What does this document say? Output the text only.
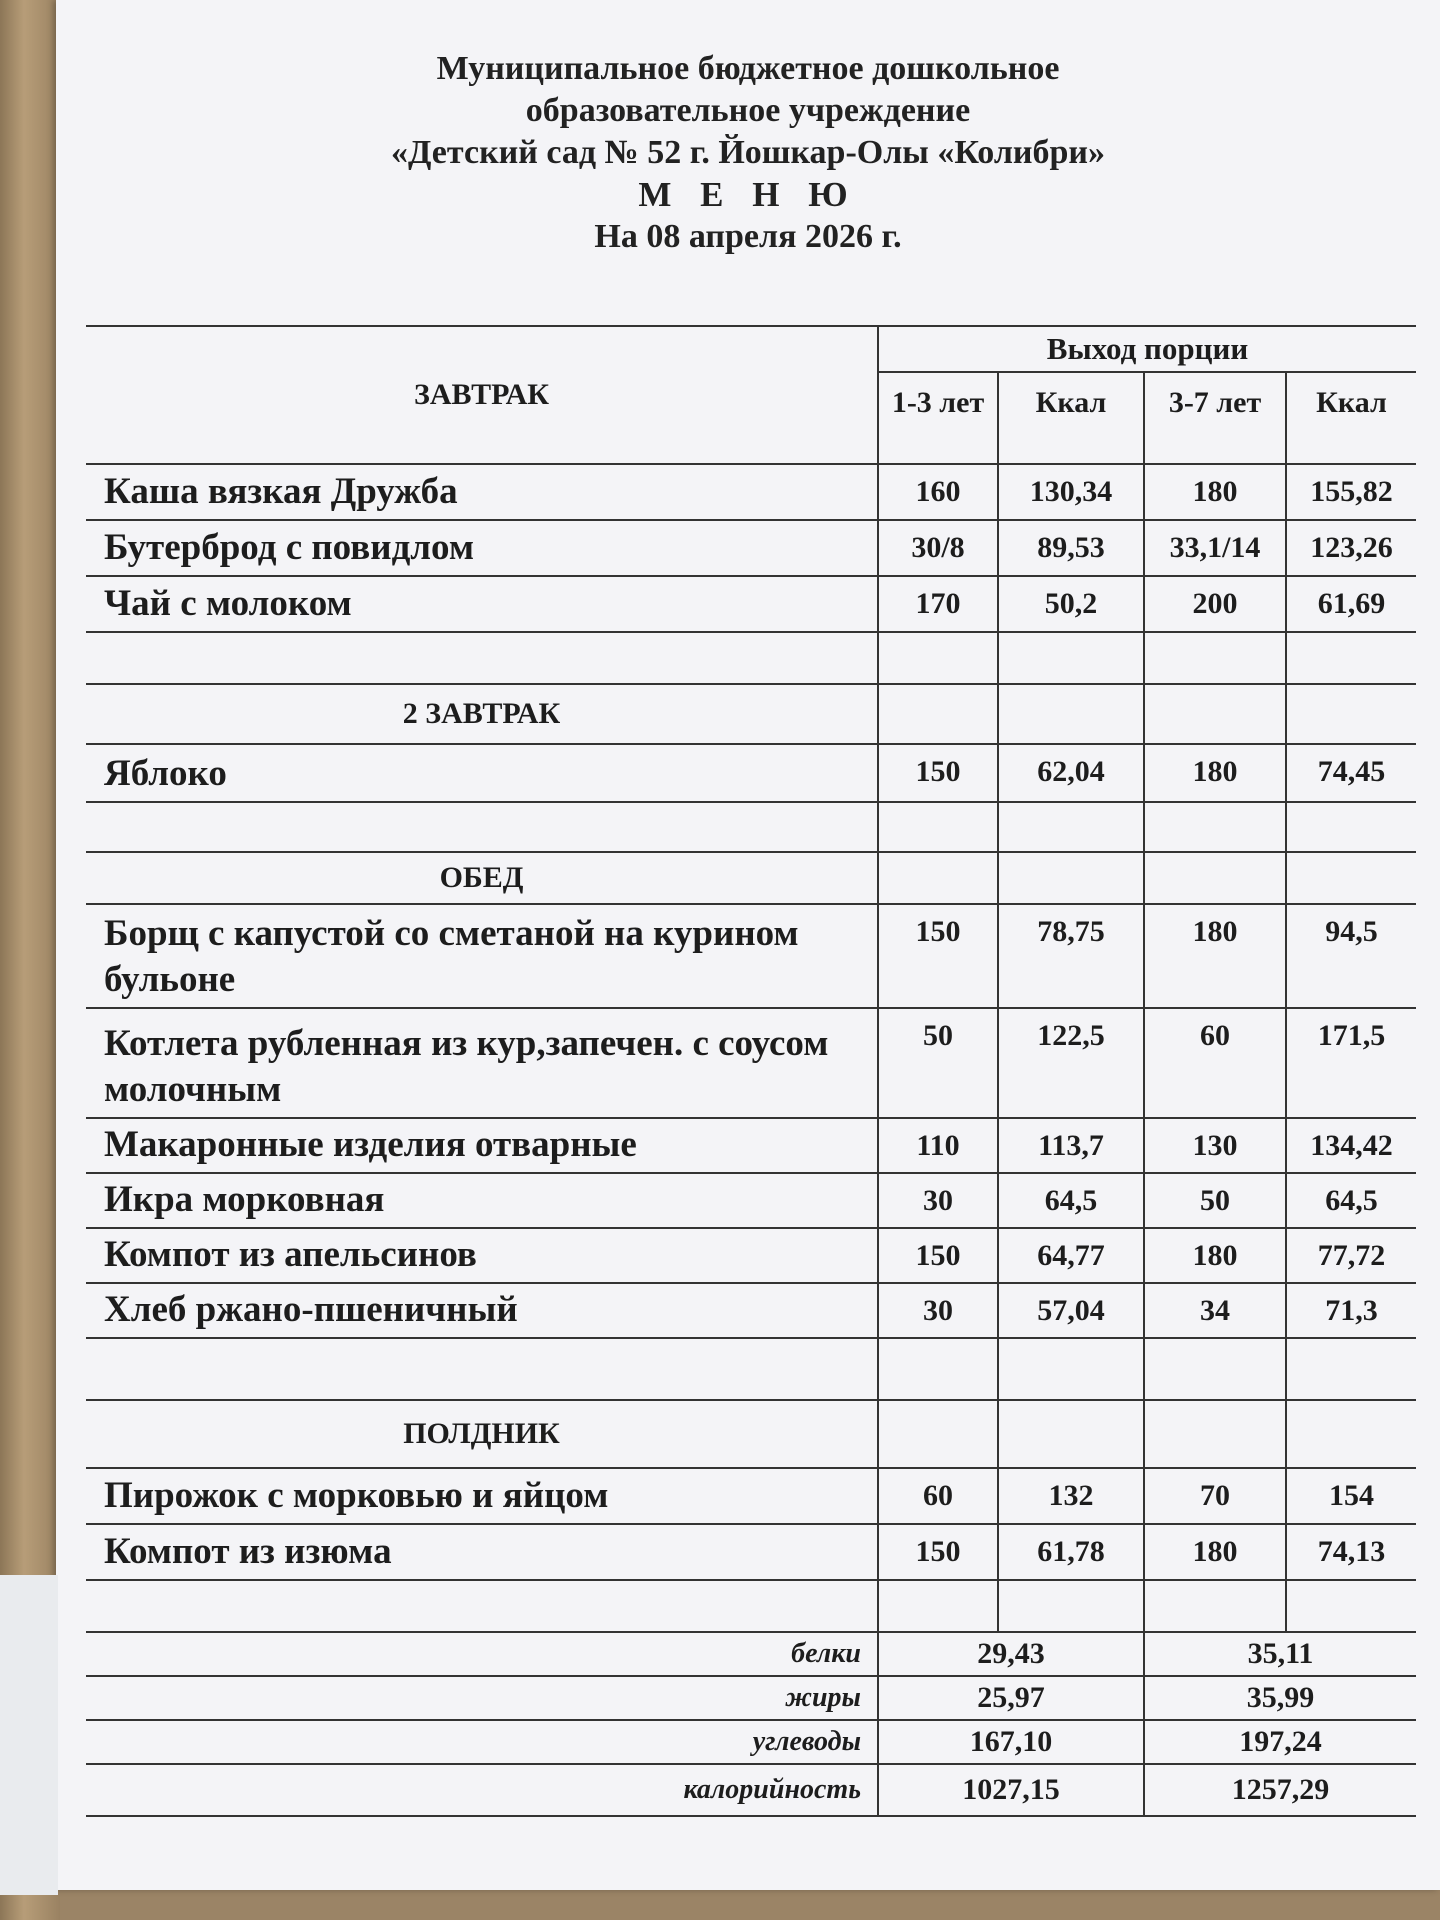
Муниципальное бюджетное дошкольное
образовательное учреждение
«Детский сад № 52 г. Йошкар-Олы «Колибри»
М Е Н Ю
На 08 апреля 2026 г.
ЗАВТРАК	Выход порции			
	1-3 лет	Ккал	3-7 лет	Ккал
Каша вязкая Дружба	160	130,34	180	155,82
Бутерброд с повидлом	30/8	89,53	33,1/14	123,26
Чай с молоком	170	50,2	200	61,69

2 ЗАВТРАК				
Яблоко	150	62,04	180	74,45

ОБЕД				
Борщ с капустой со сметаной на курином бульоне	150	78,75	180	94,5
Котлета рубленная из кур,запечен. с соусом молочным	50	122,5	60	171,5
Макаронные изделия отварные	110	113,7	130	134,42
Икра морковная	30	64,5	50	64,5
Компот из апельсинов	150	64,77	180	77,72
Хлеб ржано-пшеничный	30	57,04	34	71,3

ПОЛДНИК				
Пирожок с морковью и яйцом	60	132	70	154
Компот из изюма	150	61,78	180	74,13

белки	29,43		35,11	
жиры	25,97		35,99	
углеводы	167,10		197,24	
калорийность	1027,15		1257,29	
